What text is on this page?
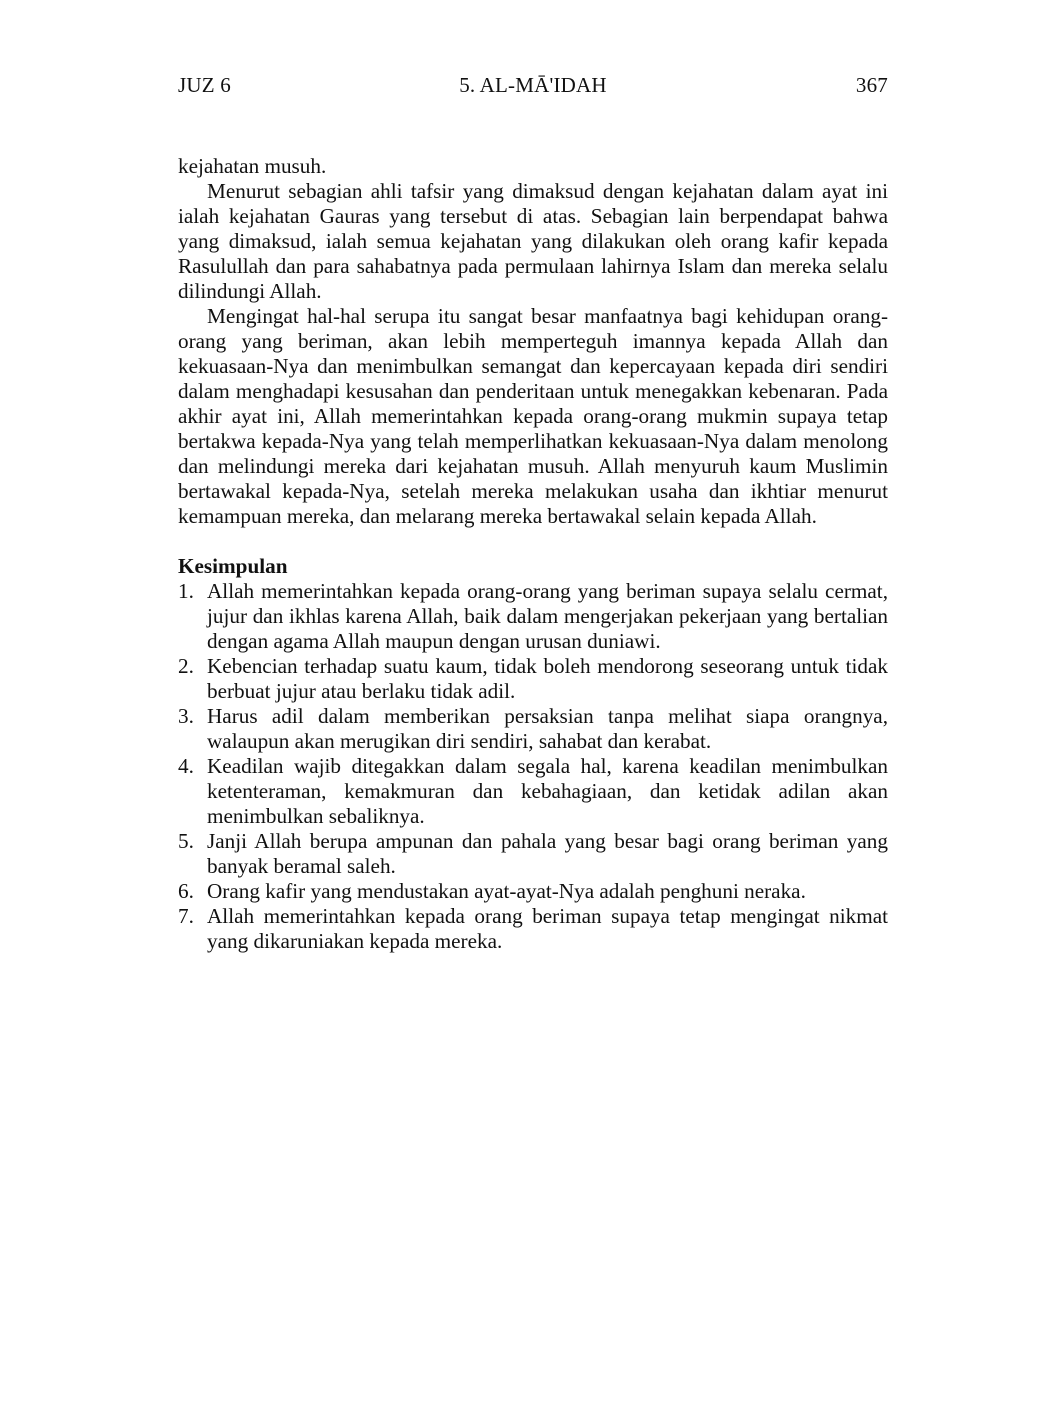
JUZ 6	5. AL-MĀ'IDAH	367

kejahatan musuh.

Menurut sebagian ahli tafsir yang dimaksud dengan kejahatan dalam ayat ini ialah kejahatan Gauras yang tersebut di atas. Sebagian lain berpendapat bahwa yang dimaksud, ialah semua kejahatan yang dilakukan oleh orang kafir kepada Rasulullah dan para sahabatnya pada permulaan lahirnya Islam dan mereka selalu dilindungi Allah.

Mengingat hal-hal serupa itu sangat besar manfaatnya bagi kehidupan orang-orang yang beriman, akan lebih memperteguh imannya kepada Allah dan kekuasaan-Nya dan menimbulkan semangat dan kepercayaan kepada diri sendiri dalam menghadapi kesusahan dan penderitaan untuk menegakkan kebenaran. Pada akhir ayat ini, Allah memerintahkan kepada orang-orang mukmin supaya tetap bertakwa kepada-Nya yang telah memperlihatkan kekuasaan-Nya dalam menolong dan melindungi mereka dari kejahatan musuh. Allah menyuruh kaum Muslimin bertawakal kepada-Nya, setelah mereka melakukan usaha dan ikhtiar menurut kemampuan mereka, dan melarang mereka bertawakal selain kepada Allah.

Kesimpulan
1. Allah memerintahkan kepada orang-orang yang beriman supaya selalu cermat, jujur dan ikhlas karena Allah, baik dalam mengerjakan pekerjaan yang bertalian dengan agama Allah maupun dengan urusan duniawi.
2. Kebencian terhadap suatu kaum, tidak boleh mendorong seseorang untuk tidak berbuat jujur atau berlaku tidak adil.
3. Harus adil dalam memberikan persaksian tanpa melihat siapa orangnya, walaupun akan merugikan diri sendiri, sahabat dan kerabat.
4. Keadilan wajib ditegakkan dalam segala hal, karena keadilan menimbulkan ketenteraman, kemakmuran dan kebahagiaan, dan ketidak adilan akan menimbulkan sebaliknya.
5. Janji Allah berupa ampunan dan pahala yang besar bagi orang beriman yang banyak beramal saleh.
6. Orang kafir yang mendustakan ayat-ayat-Nya adalah penghuni neraka.
7. Allah memerintahkan kepada orang beriman supaya tetap mengingat nikmat yang dikaruniakan kepada mereka.
